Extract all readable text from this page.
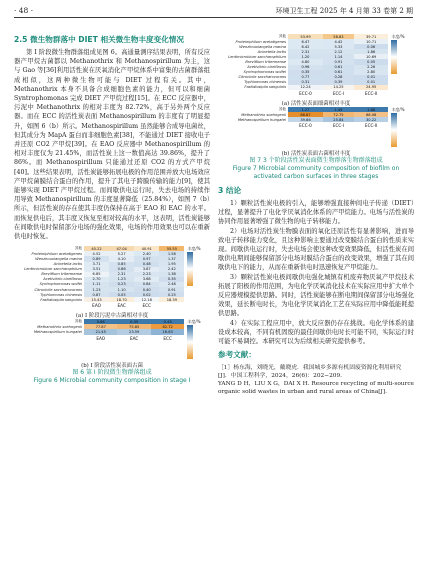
· 48 ·	环境卫生工程 2025 年 4 月第 33 卷第 2 期
2.5 微生物群落中 DIET 相关微生物丰度变化情况
第 I 阶段微生物群落组成见图 6。高通量测序结果表明，所有反应器产甲烷古菌都以 Methanothrix 和 Methanospirillum 为主，这与 Gao 等[36]利用活性炭在厌氧消化产甲烷体系中富集的古菌群落组成相似，这两种微生物可能与 DIET 过程有关。其中，Methanothrix 本身不具备合成细胞色素的能力，但可以和细菌 Syntrophomonas 完成 DIET 产甲烷过程[15]。在 ECC 反应器中，污泥中 Methanothrix 的相对丰度为 82.72%，高于另外两个反应器。而在 ECC 的活性炭表面 Methanospirillum 的丰度有了明显提升，如图 6（b）所示。Methanospirillum 虽然能够合成导电菌丝，但其成分为 MapA 蛋白而非细胞色素[38]，不能通过 DIET 接收电子并还原 CO2 产甲烷[39]。在 EAO 反应器中 Methanospirillum 的相对丰度仅为 21.45%，而活性炭上这一数值高达 39.86%，提升了 86%。而 Methanospirillum 只能通过还原 CO2 的方式产甲烷[40]。这些结果表明，活性炭能够拓展电极的作用范围并放大电场效应产甲烷菌膜结合蛋白的作用，提升了其电子跨膜传输的能力[9]，使其能够实现 DIET 产甲烷过程。而间歇供电运行时，失去电场的持续作用导致 Methanospirillum 的丰度显著降低（25.84%），如图 7（b）所示，但活性炭的存在使其丰度仍保持在高于 EAO 和 EAC 的水平。而恢复供电后，其丰度又恢复至相对较高的水平，这表明，活性炭能够在间歇供电时保留部分电场的强化效果，电场的作用效果也可以在重新供电时恢复。
其他	40.22	47.04	40.91	55.55
Proteiniphilum acetatigenes	4.52	5.27	2.40	1.58
Wenzhouxiangella marina	0.89	4.10	0.97	1.37
Acinetella lactis	3.71	0.85	0.48	1.95
Lentimicrobium saccharophilum	3.51	0.86	3.87	2.42
Brevifilum tritermense	6.85	2.31	2.23	1.38
Acetivibrio clariflavus	2.70	1.23	3.68	0.35
Syntrophomonas wolfei	1.11	0.23	0.84	2.48
Citrovivile saccharovorans	1.23	1.10	0.40	0.91
Typhlomonas chinensis	0.87	0.05	0.02	0.25
Fastidiosipila sanguinis	15.43	18.70	12.18	18.39
	EAO	EAC	ECC	
丰度/%
(a) I 阶段污泥中古菌相对丰度
其他	0.66	0.39	0.43
Methanothrix soehngenii	77.87	75.85	82.72
Methanospirillum hungatei	21.45	23.59	16.63
	EAO	EAC	ECC
丰度/%
(b) I 阶段活性炭表面古菌
图 6 第 I 阶段微生物群落组成
Figure 6 Microbial community composition in stage I
其他	53.99	58.83	39.71
Proteiniphilum acetatigenes	6.47	4.42	10.71
Wenzhouxiangella marina	6.42	5.33	0.06
Acinetella lactis	2.31	2.12	1.86
Lentimicrobium saccharophilum	1.20	1.14	10.69
Brevifilum tritermense	4.80	0.91	0.05
Acetivibrio clariflavus	0.96	0.61	2.26
Syntrophomonas wolfei	0.35	0.61	2.80
Citrovivile saccharovorans	0.77	0.28	0.01
Typhlomonas chinensis	0.31	0.39	0.01
Fastidiosipila sanguinis	12.24	14.25	24.95
	ECC-0	ECC-I	ECC-II
丰度/%
(a) 活性炭表面细菌相对丰度
其他	1.27	1.49	1.68
Methanothrix soehngenii	88.87	72.75	68.08
Methanospirillum hungatei	39.86	25.84	30.22
	ECC-0	ECC-I	ECC-II
丰度/%
(b) 活性炭表面古菌相对丰度
图 7 3 个阶段活性炭表面微生物群落生物群落组成
Figure 7 Microbial community composition of biofilm on activated carbon surfaces in three stages
3 结论
1）颗粒活性炭电极的引入，能够增强直接种间电子传递（DIET）过程，显著提升了电化学厌氧消化体系的产甲烷能力。电场与活性炭的协同作用显著增强了微生物的电子转移能力。
2）电场对活性炭生物膜表面的氧化还原活性有显著影响，进而导致电子转移能力变化，且这种影响主要通过改变膜结合蛋白的性质来实现。间歇供电运行时，失去电场会使这种改变效果降低，但活性炭在间歇供电期间能够保留部分电场对膜结合蛋白的改变效果，增强了其在间歇供电下的能力，从而在重新供电时迅速恢复产甲烷能力。
3）颗粒活性炭电极间歇供电强化城镇有机废弃物厌氧产甲烷技术拓展了阳极的作用范围，为电化学厌氧消化技术在实际应用中扩大单个反应器规模提供思路。同时，活性炭能够在断电期间保留部分电场强化效果，延长断电时长，为电化学厌氧消化工艺在实际应用中降低能耗提供思路。
4）在实际工程应用中，放大反应器仍存在挑战。电化学体系的建设成本较高，不同有机固废的最佳间歇供电时长可能不同，实际运行时可能不易调控。本研究可以为后续相关研究提供参考。
参考文献：
［1］杨东海，刘晓光，戴晓虎．我国城乡多源有机固废资源化利用研究[J]．中国工程科学，2024，26(6)：202−209.
YANG D H，LIU X G，DAI X H. Resource recycling of multi-source organic solid wastes in urban and rural areas of China[J].
